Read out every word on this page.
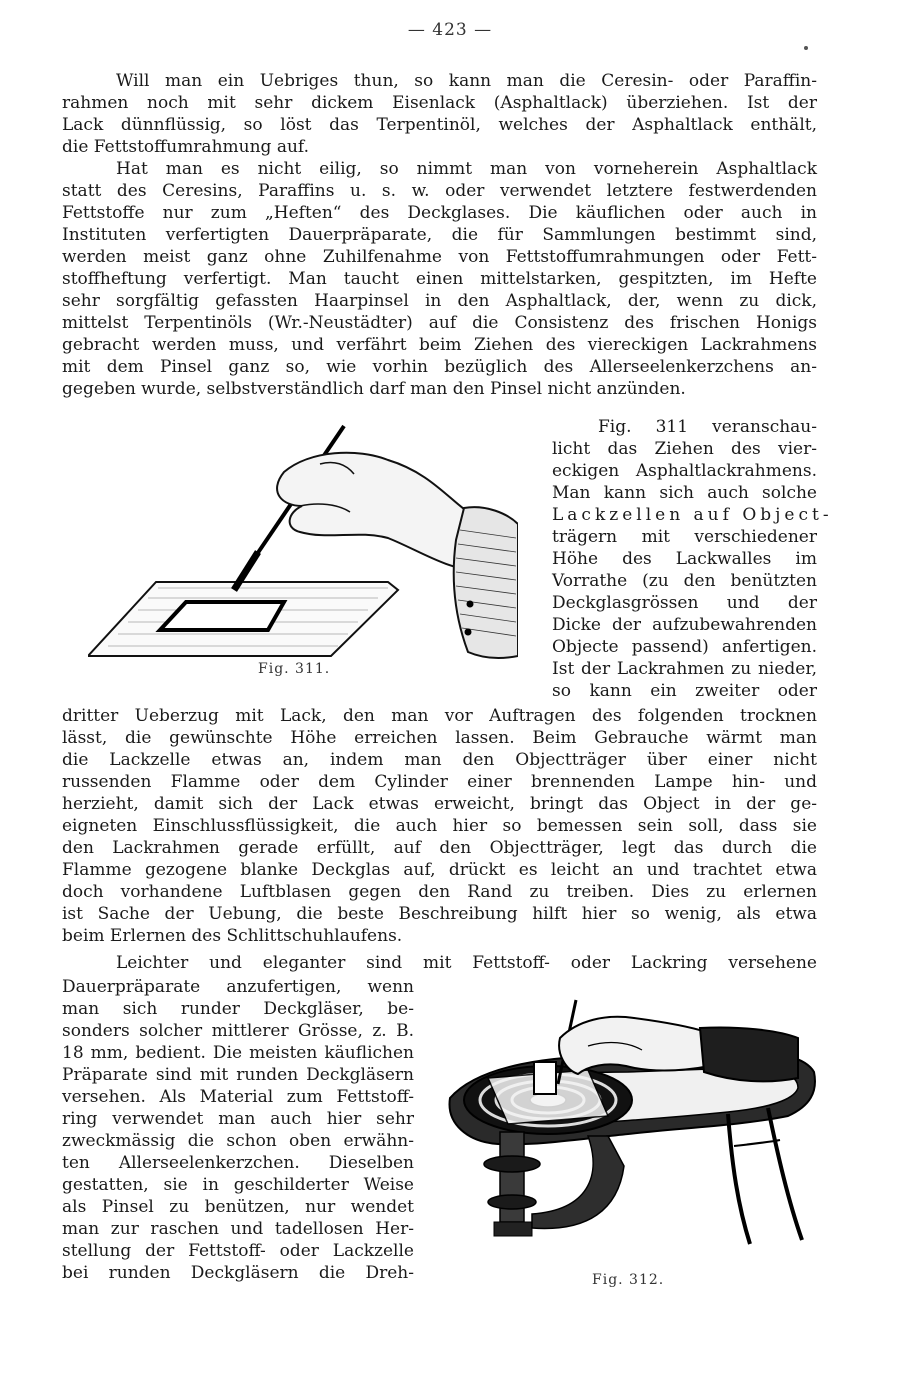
— 423 —
Will man ein Uebriges thun, so kann man die Ceresin- oder Paraffin-
rahmen noch mit sehr dickem Eisenlack (Asphaltlack) überziehen. Ist der
Lack dünnflüssig, so löst das Terpentinöl, welches der Asphaltlack enthält,
die Fettstoffumrahmung auf.
Hat man es nicht eilig, so nimmt man von vorneherein Asphaltlack
statt des Ceresins, Paraffins u. s. w. oder verwendet letztere festwerdenden
Fettstoffe nur zum „Heften“ des Deckglases. Die käuflichen oder auch in
Instituten verfertigten Dauerpräparate, die für Sammlungen bestimmt sind,
werden meist ganz ohne Zuhilfenahme von Fettstoffumrahmungen oder Fett-
stoffheftung verfertigt. Man taucht einen mittelstarken, gespitzten, im Hefte
sehr sorgfältig gefassten Haarpinsel in den Asphaltlack, der, wenn zu dick,
mittelst Terpentinöls (Wr.-Neustädter) auf die Consistenz des frischen Honigs
gebracht werden muss, und verfährt beim Ziehen des viereckigen Lackrahmens
mit dem Pinsel ganz so, wie vorhin bezüglich des Allerseelenkerzchens an-
gegeben wurde, selbstverständlich darf man den Pinsel nicht anzünden.
Fig. 311.
Fig. 311 veranschau-
licht das Ziehen des vier-
eckigen Asphaltlackrahmens.
Man kann sich auch solche
Lackzellen auf Object-
trägern mit verschiedener
Höhe des Lackwalles im
Vorrathe (zu den benützten
Deckglasgrössen und der
Dicke der aufzubewahrenden
Objecte passend) anfertigen.
Ist der Lackrahmen zu nieder,
so kann ein zweiter oder
dritter Ueberzug mit Lack, den man vor Auftragen des folgenden trocknen
lässt, die gewünschte Höhe erreichen lassen. Beim Gebrauche wärmt man
die Lackzelle etwas an, indem man den Objectträger über einer nicht
russenden Flamme oder dem Cylinder einer brennenden Lampe hin- und
herzieht, damit sich der Lack etwas erweicht, bringt das Object in der ge-
eigneten Einschlussflüssigkeit, die auch hier so bemessen sein soll, dass sie
den Lackrahmen gerade erfüllt, auf den Objectträger, legt das durch die
Flamme gezogene blanke Deckglas auf, drückt es leicht an und trachtet etwa
doch vorhandene Luftblasen gegen den Rand zu treiben. Dies zu erlernen
ist Sache der Uebung, die beste Beschreibung hilft hier so wenig, als etwa
beim Erlernen des Schlittschuhlaufens.
Leichter und eleganter sind mit Fettstoff- oder Lackring versehene
Dauerpräparate anzufertigen, wenn
man sich runder Deckgläser, be-
sonders solcher mittlerer Grösse, z. B.
18 mm, bedient. Die meisten käuflichen
Präparate sind mit runden Deckgläsern
versehen. Als Material zum Fettstoff-
ring verwendet man auch hier sehr
zweckmässig die schon oben erwähn-
ten Allerseelenkerzchen. Dieselben
gestatten, sie in geschilderter Weise
als Pinsel zu benützen, nur wendet
man zur raschen und tadellosen Her-
stellung der Fettstoff- oder Lackzelle
bei runden Deckgläsern die Dreh-	Fig. 312.
